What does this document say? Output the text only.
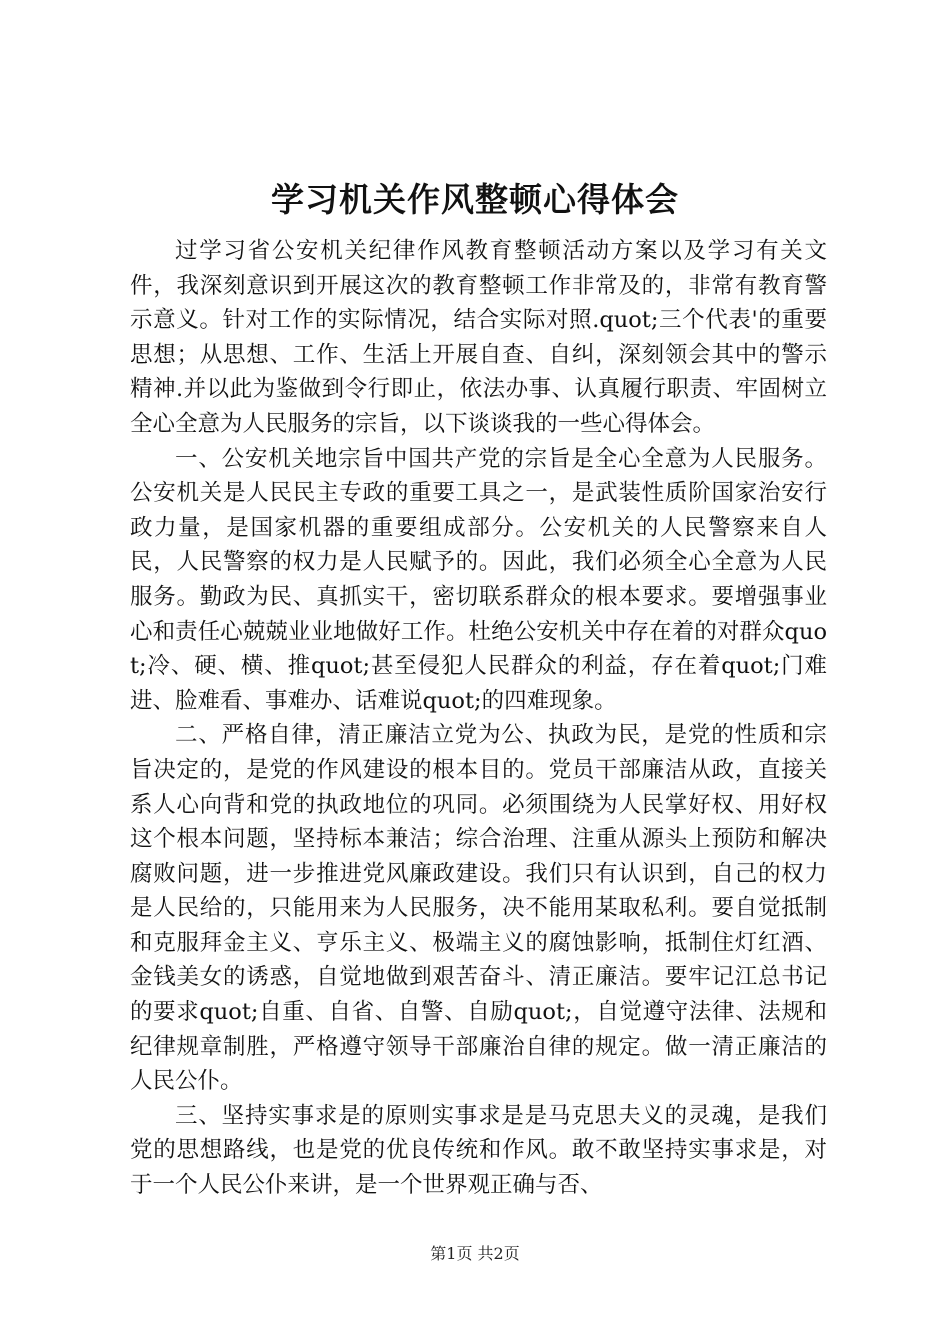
学习机关作风整顿心得体会

过学习省公安机关纪律作风教育整顿活动方案以及学习有关文件，我深刻意识到开展这次的教育整顿工作非常及的，非常有教育警示意义。针对工作的实际情况，结合实际对照.quot;三个代表'的重要思想；从思想、工作、生活上开展自查、自纠，深刻领会其中的警示精神.并以此为鉴做到令行即止，依法办事、认真履行职责、牢固树立全心全意为人民服务的宗旨，以下谈谈我的一些心得体会。

一、公安机关地宗旨中国共产党的宗旨是全心全意为人民服务。公安机关是人民民主专政的重要工具之一，是武装性质阶国家治安行政力量，是国家机器的重要组成部分。公安机关的人民警察来自人民，人民警察的权力是人民赋予的。因此，我们必须全心全意为人民服务。勤政为民、真抓实干，密切联系群众的根本要求。要增强事业心和责任心兢兢业业地做好工作。杜绝公安机关中存在着的对群众quot;冷、硬、横、推quot;甚至侵犯人民群众的利益，存在着quot;门难进、脸难看、事难办、话难说quot;的四难现象。

二、严格自律，清正廉洁立党为公、执政为民，是党的性质和宗旨决定的，是党的作风建设的根本目的。党员干部廉洁从政，直接关系人心向背和党的执政地位的巩同。必须围绕为人民掌好权、用好权这个根本问题，坚持标本兼洁；综合治理、注重从源头上预防和解决腐败问题，进一步推进党风廉政建设。我们只有认识到，自己的权力是人民给的，只能用来为人民服务，决不能用某取私利。要自觉抵制和克服拜金主义、亨乐主义、极端主义的腐蚀影响，抵制住灯红酒、金钱美女的诱惑，自觉地做到艰苦奋斗、清正廉洁。要牢记江总书记的要求quot;自重、自省、自警、自励quot;，自觉遵守法律、法规和纪律规章制胜，严格遵守领导干部廉治自律的规定。做一清正廉洁的人民公仆。

三、坚持实事求是的原则实事求是是马克思夫义的灵魂，是我们党的思想路线，也是党的优良传统和作风。敢不敢坚持实事求是，对于一个人民公仆来讲，是一个世界观正确与否、

第1页 共2页
